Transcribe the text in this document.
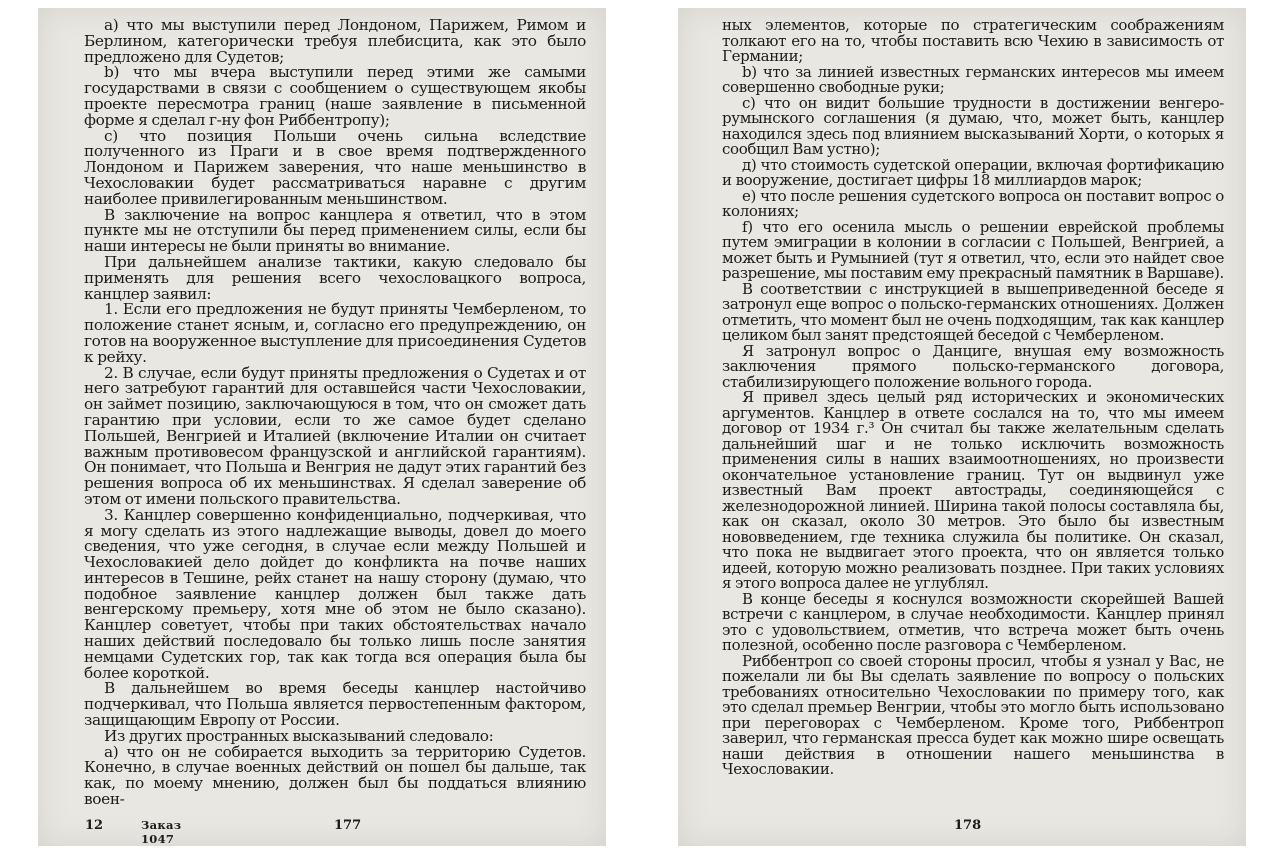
а) что мы выступили перед Лондоном, Парижем, Римом и Берлином, категорически требуя плебисцита, как это было предложено для Судетов;

b) что мы вчера выступили перед этими же самыми государствами в связи с сообщением о существующем якобы проекте пересмотра границ (наше заявление в письменной форме я сделал г-ну фон Риббентропу);

с) что позиция Польши очень сильна вследствие полученного из Праги и в свое время подтвержденного Лондоном и Парижем заверения, что наше меньшинство в Чехословакии будет рассматриваться наравне с другим наиболее привилегированным меньшинством.

В заключение на вопрос канцлера я ответил, что в этом пункте мы не отступили бы перед применением силы, если бы наши интересы не были приняты во внимание.

При дальнейшем анализе тактики, какую следовало бы применять для решения всего чехословацкого вопроса, канцлер заявил:

1. Если его предложения не будут приняты Чемберленом, то положение станет ясным, и, согласно его предупреждению, он готов на вооруженное выступление для присоединения Судетов к рейху.

2. В случае, если будут приняты предложения о Судетах и от него затребуют гарантий для оставшейся части Чехословакии, он займет позицию, заключающуюся в том, что он сможет дать гарантию при условии, если то же самое будет сделано Польшей, Венгрией и Италией (включение Италии он считает важным противовесом французской и английской гарантиям). Он понимает, что Польша и Венгрия не дадут этих гарантий без решения вопроса об их меньшинствах. Я сделал заверение об этом от имени польского правительства.

3. Канцлер совершенно конфиденциально, подчеркивая, что я могу сделать из этого надлежащие выводы, довел до моего сведения, что уже сегодня, в случае если между Польшей и Чехословакией дело дойдет до конфликта на почве наших интересов в Тешине, рейх станет на нашу сторону (думаю, что подобное заявление канцлер должен был также дать венгерскому премьеру, хотя мне об этом не было сказано). Канцлер советует, чтобы при таких обстоятельствах начало наших действий последовало бы только лишь после занятия немцами Судетских гор, так как тогда вся операция была бы более короткой.

В дальнейшем во время беседы канцлер настойчиво подчеркивал, что Польша является первостепенным фактором, защищающим Европу от России.

Из других пространных высказываний следовало:

а) что он не собирается выходить за территорию Судетов. Конечно, в случае военных действий он пошел бы дальше, так как, по моему мнению, должен был бы поддаться влиянию воен-

12	Заказ 1047
177

ных элементов, которые по стратегическим соображениям толкают его на то, чтобы поставить всю Чехию в зависимость от Германии;

b) что за линией известных германских интересов мы имеем совершенно свободные руки;

с) что он видит большие трудности в достижении венгеро-румынского соглашения (я думаю, что, может быть, канцлер находился здесь под влиянием высказываний Хорти, о которых я сообщил Вам устно);

д) что стоимость судетской операции, включая фортификацию и вооружение, достигает цифры 18 миллиардов марок;

е) что после решения судетского вопроса он поставит вопрос о колониях;

f) что его осенила мысль о решении еврейской проблемы путем эмиграции в колонии в согласии с Польшей, Венгрией, а может быть и Румынией (тут я ответил, что, если это найдет свое разрешение, мы поставим ему прекрасный памятник в Варшаве).

В соответствии с инструкцией в вышеприведенной беседе я затронул еще вопрос о польско-германских отношениях. Должен отметить, что момент был не очень подходящим, так как канцлер целиком был занят предстоящей беседой с Чемберленом.

Я затронул вопрос о Данциге, внушая ему возможность заключения прямого польско-германского договора, стабилизирующего положение вольного города.

Я привел здесь целый ряд исторических и экономических аргументов. Канцлер в ответе сослался на то, что мы имеем договор от 1934 г.³ Он считал бы также желательным сделать дальнейший шаг и не только исключить возможность применения силы в наших взаимоотношениях, но произвести окончательное установление границ. Тут он выдвинул уже известный Вам проект автострады, соединяющейся с железнодорожной линией. Ширина такой полосы составляла бы, как он сказал, около 30 метров. Это было бы известным нововведением, где техника служила бы политике. Он сказал, что пока не выдвигает этого проекта, что он является только идеей, которую можно реализовать позднее. При таких условиях я этого вопроса далее не углублял.

В конце беседы я коснулся возможности скорейшей Вашей встречи с канцлером, в случае необходимости. Канцлер принял это с удовольствием, отметив, что встреча может быть очень полезной, особенно после разговора с Чемберленом.

Риббентроп со своей стороны просил, чтобы я узнал у Вас, не пожелали ли бы Вы сделать заявление по вопросу о польских требованиях относительно Чехословакии по примеру того, как это сделал премьер Венгрии, чтобы это могло быть использовано при переговорах с Чемберленом. Кроме того, Риббентроп заверил, что германская пресса будет как можно шире освещать наши действия в отношении нашего меньшинства в Чехословакии.

178
